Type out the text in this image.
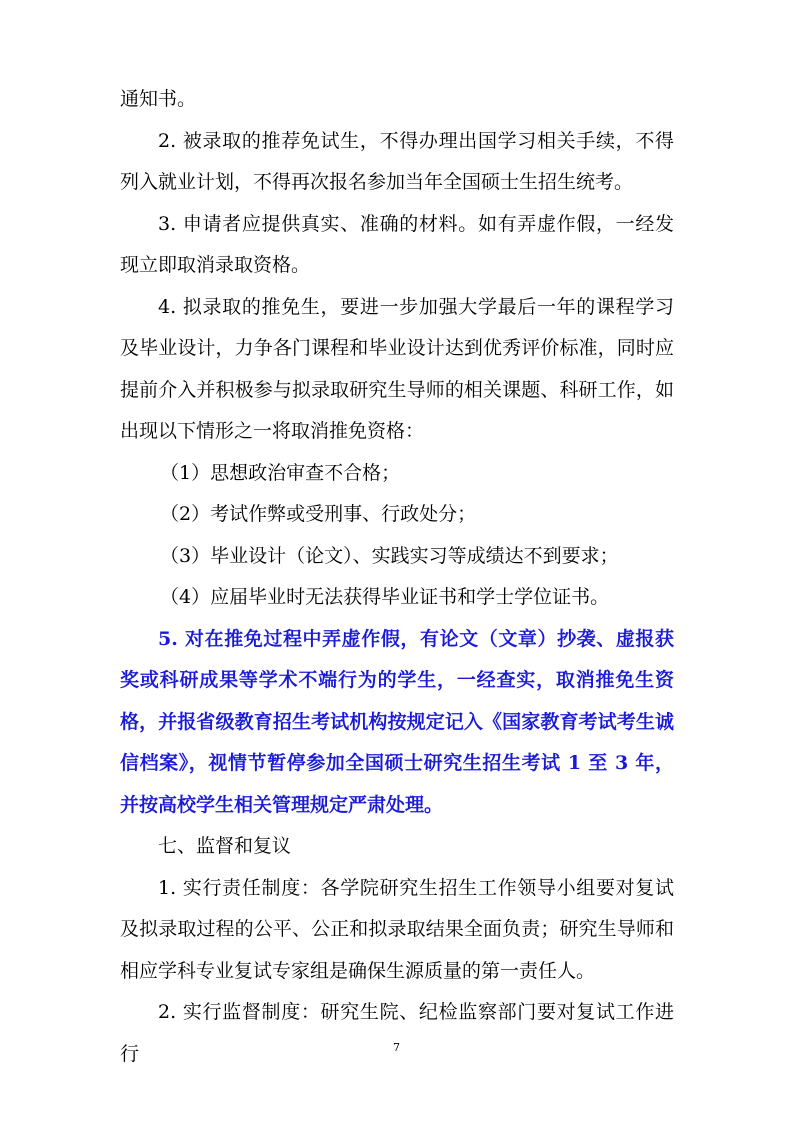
通知书。

2. 被录取的推荐免试生，不得办理出国学习相关手续，不得列入就业计划，不得再次报名参加当年全国硕士生招生统考。

3. 申请者应提供真实、准确的材料。如有弄虚作假，一经发现立即取消录取资格。

4. 拟录取的推免生，要进一步加强大学最后一年的课程学习及毕业设计，力争各门课程和毕业设计达到优秀评价标准，同时应提前介入并积极参与拟录取研究生导师的相关课题、科研工作，如出现以下情形之一将取消推免资格：

（1）思想政治审查不合格；

（2）考试作弊或受刑事、行政处分；

（3）毕业设计（论文）、实践实习等成绩达不到要求；

（4）应届毕业时无法获得毕业证书和学士学位证书。

5. 对在推免过程中弄虚作假，有论文（文章）抄袭、虚报获奖或科研成果等学术不端行为的学生，一经查实，取消推免生资格，并报省级教育招生考试机构按规定记入《国家教育考试考生诚信档案》，视情节暂停参加全国硕士研究生招生考试 1 至 3 年，并按高校学生相关管理规定严肃处理。

七、监督和复议

1. 实行责任制度：各学院研究生招生工作领导小组要对复试及拟录取过程的公平、公正和拟录取结果全面负责；研究生导师和相应学科专业复试专家组是确保生源质量的第一责任人。

2. 实行监督制度：研究生院、纪检监察部门要对复试工作进行	7
